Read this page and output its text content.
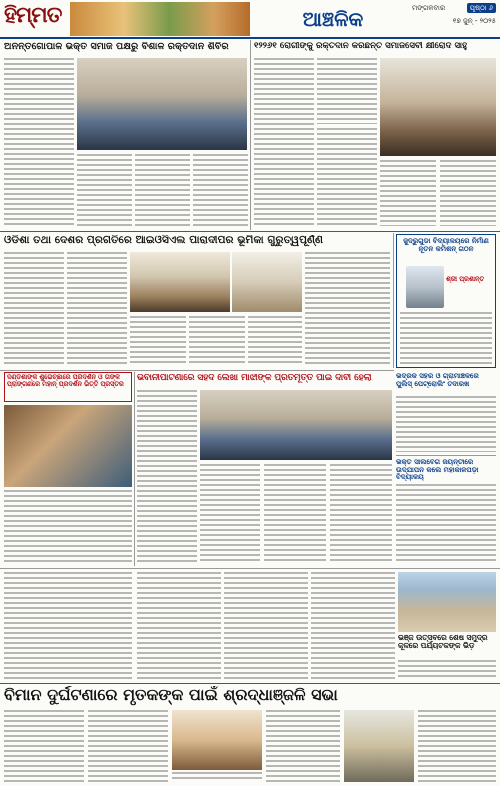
ହିମ୍ମତ	ଆଞ୍ଚଳିକ	ମଙ୍ଗଳବାର	ପୃଷ୍ଠା ୬
୧୭ ଜୁନ୍ - ୨୦୨୫
ଅନନ୍ତଗୋପାଳ ଭକ୍ତ ସମାଜ ପକ୍ଷରୁ ବିଶାଳ ରକ୍ତଦାନ ଶିବିର	୧୨୨୬୧ ରୋଗୀଙ୍କୁ ରକ୍ତଦାନ କରିଛନ୍ତି ସମାଜସେବୀ କ୍ଷୀରୋଦ ସାହୁ
ଓଡିଶା ତଥା ଦେଶର ପ୍ରଗତିରେ ଆଇଓସିଏଲ ପାରାଦୀପର ଭୂମିକା ଗୁରୁତ୍ୱପୂର୍ଣ୍ଣ	ଜୁଦ୍ରୁଗୁଡା ବିଦ୍ୟାଳୟରେ ନିର୍ମାଣ ନୂତନ କମିଶନ୍ ଗଠନ
ଶ୍ରୀ ପ୍ରଶାନ୍ତ
ଭଦ୍ରକ ସହର ଓ ଗ୍ରାମାଞ୍ଚଳରେ ପୁଲିସ୍ ପେଟ୍ରୋଲିଂ ତଦାରଖ
ଦଣ୍ଡିଶାଙ୍କ ଶୁଭେଚ୍ଛାରେ ପରିଦର୍ଶନ ଓ ତାଙ୍କ ପ୍ରାଙ୍ଗଣରେ ମହାନ୍ ପ୍ରଦର୍ଶନ ଭିତ୍ତି ପ୍ରସ୍ତର
ଭବାନୀପାଟଣାରେ ସହିଦ ଲେଖା ମାଝୀଙ୍କ ପ୍ରତିମୂର୍ତ୍ତି ପାଇଁ ଦାବୀ ହେଲା
ଭକ୍ତ ସାଲବେଗ ଜୟନ୍ତୀରେ ଉଦ୍ଯାପନ କଲେ ମହାକାଳପଡ଼ା ବିଦ୍ୟାଳୟ
ଭଞ୍ଜ ଉତ୍ସବରେ ଶେଷ ସମୁଦ୍ର କୂଳରେ ପର୍ଯ୍ୟଟକଙ୍କ ଭିଡ଼
ବିମାନ ଦୁର୍ଘଟଣାରେ ମୃତକଙ୍କ ପାଇଁ ଶ୍ରଦ୍ଧାଞ୍ଜଳି ସଭା
